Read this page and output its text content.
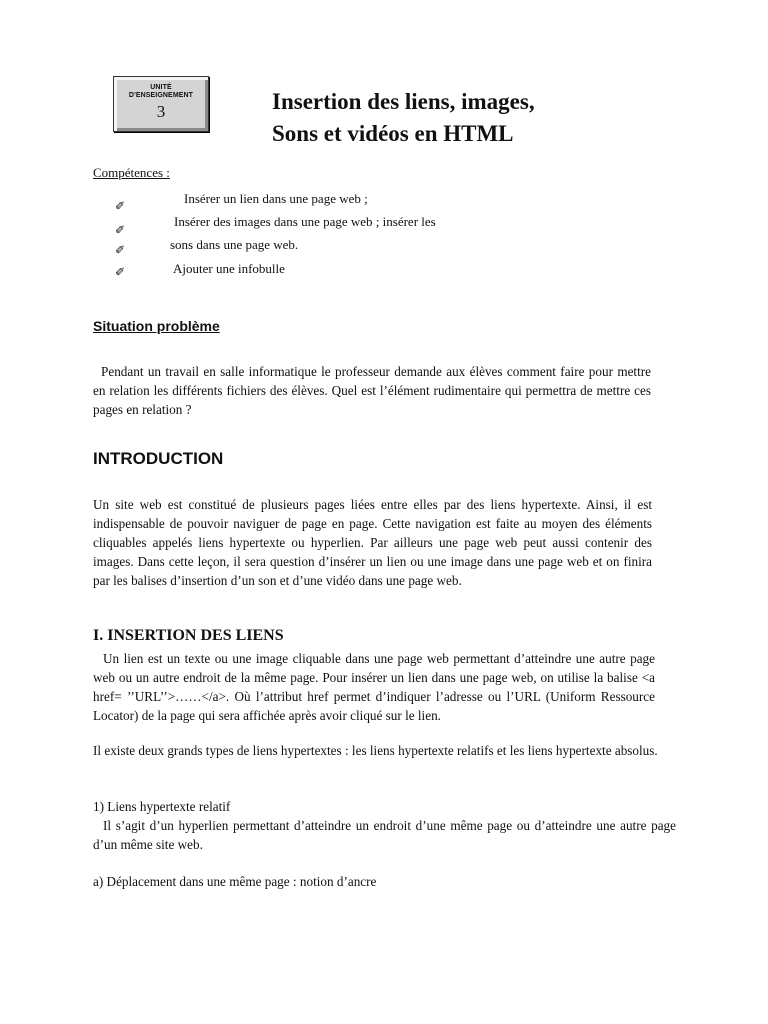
UNITÉ
D'ENSEIGNEMENT
3	Insertion des liens, images,
Sons et vidéos en HTML
Compétences :
✐
✐
✐
✐
Insérer un lien dans une page web ;
Insérer des images dans une page web ; insérer les
sons dans une page web.
Ajouter une infobulle
Situation problème
Pendant un travail en salle informatique le professeur demande aux élèves comment faire pour mettre en relation les différents fichiers des élèves. Quel est l’élément rudimentaire qui permettra de mettre ces pages en relation ?
INTRODUCTION
Un site web est constitué de plusieurs pages liées entre elles par des liens hypertexte. Ainsi, il est indispensable de pouvoir naviguer de page en page. Cette navigation est faite au moyen des éléments cliquables appelés liens hypertexte ou hyperlien. Par ailleurs une page web peut aussi contenir des images. Dans cette leçon, il sera question d’insérer un lien ou une image dans une page web et on finira par les balises d’insertion d’un son et d’une vidéo dans une page web.
I. INSERTION DES LIENS
Un lien est un texte ou une image cliquable dans une page web permettant d’atteindre une autre page web ou un autre endroit de la même page. Pour insérer un lien dans une page web, on utilise la balise <a href= ’’URL’’>……</a>. Où l’attribut href permet d’indiquer l’adresse ou l’URL (Uniform Ressource Locator) de la page qui sera affichée après avoir cliqué sur le lien.
Il existe deux grands types de liens hypertextes : les liens hypertexte relatifs et les liens hypertexte absolus.
1) Liens hypertexte relatif
Il s’agit d’un hyperlien permettant d’atteindre un endroit d’une même page ou d’atteindre une autre page d’un même site web.
a) Déplacement dans une même page : notion d’ancre
